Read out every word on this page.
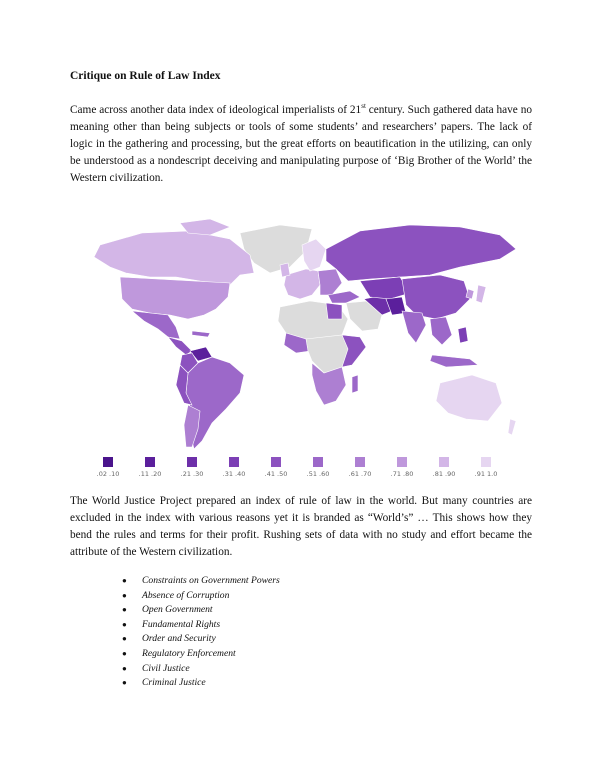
Critique on Rule of Law Index
Came across another data index of ideological imperialists of 21st century. Such gathered data have no meaning other than being subjects or tools of some students’ and researchers’ papers. The lack of logic in the gathering and processing, but the great efforts on beautification in the utilizing, can only be understood as a nondescript deceiving and manipulating purpose of ‘Big Brother of the World’ the Western civilization.
.02 .10	.11 .20	.21 .30	.31 .40	.41 .50	.51 .60	.61 .70	.71 .80	.81 .90	.91 1.0
The World Justice Project prepared an index of rule of law in the world. But many countries are excluded in the index with various reasons yet it is branded as “World’s” … This shows how they bend the rules and terms for their profit. Rushing sets of data with no study and effort became the attribute of the Western civilization.
● Constraints on Government Powers
● Absence of Corruption
● Open Government
● Fundamental Rights
● Order and Security
● Regulatory Enforcement
● Civil Justice
● Criminal Justice
